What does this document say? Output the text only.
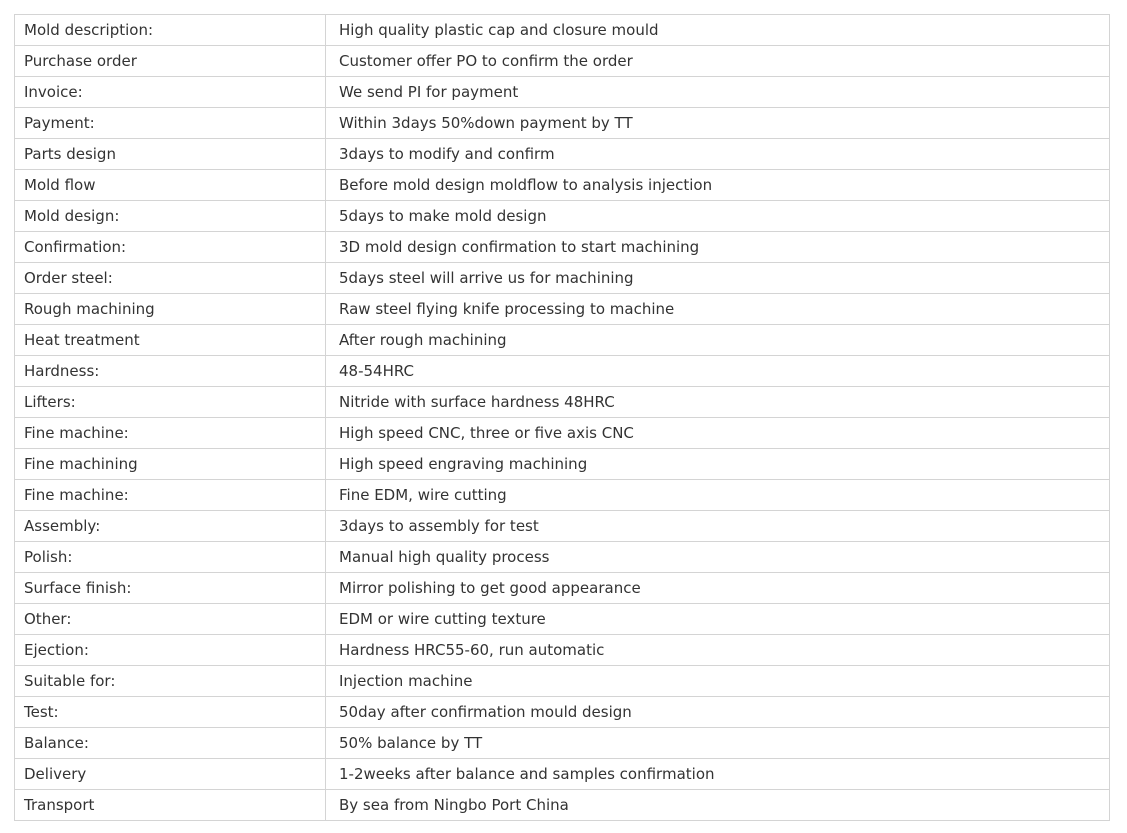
Mold description:	High quality plastic cap and closure mould
Purchase order	Customer offer PO to confirm the order
Invoice:	We send PI for payment
Payment:	Within 3days 50%down payment by TT
Parts design	3days to modify and confirm
Mold flow	Before mold design moldflow to analysis injection
Mold design:	5days to make mold design
Confirmation:	3D mold design confirmation to start machining
Order steel:	5days steel will arrive us for machining
Rough machining	Raw steel flying knife processing to machine
Heat treatment	After rough machining
Hardness:	48-54HRC
Lifters:	Nitride with surface hardness 48HRC
Fine machine:	High speed CNC, three or five axis CNC
Fine machining	High speed engraving machining
Fine machine:	Fine EDM, wire cutting
Assembly:	3days to assembly for test
Polish:	Manual high quality process
Surface finish:	Mirror polishing to get good appearance
Other:	EDM or wire cutting texture
Ejection:	Hardness HRC55-60, run automatic
Suitable for:	Injection machine
Test:	50day after confirmation mould design
Balance:	50% balance by TT
Delivery	1-2weeks after balance and samples confirmation
Transport	By sea from Ningbo Port China
